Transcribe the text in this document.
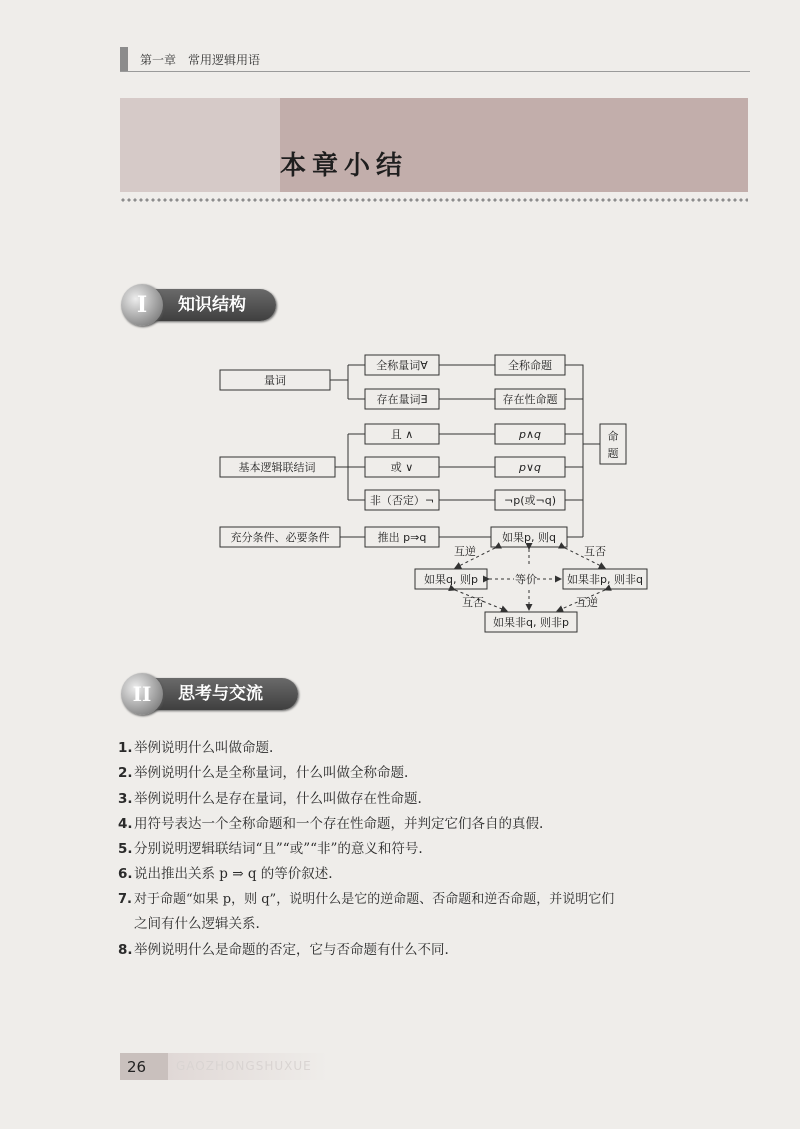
第一章　常用逻辑用语
本章小结
知识结构
I
量词
全称量词∀
存在量词∃
全称命题
存在性命题
基本逻辑联结词
且 ∧
或 ∨
非（否定）¬
p∧q
p∨q
¬p(或¬q)
命
题
充分条件、必要条件	推出 p⇒q	如果p, 则q
如果q, 则p	如果非p, 则非q
如果非q, 则非p
互逆	互否
等价
互否	互逆
思考与交流
II
1.举例说明什么叫做命题.
2.举例说明什么是全称量词，什么叫做全称命题.
3.举例说明什么是存在量词，什么叫做存在性命题.
4.用符号表达一个全称命题和一个存在性命题，并判定它们各自的真假.
5.分别说明逻辑联结词“且”“或”“非”的意义和符号.
6.说出推出关系 p ⇒ q 的等价叙述.
7. 对于命题“如果 p，则 q”，说明什么是它的逆命题、否命题和逆否命题，并说明它们
之间有什么逻辑关系.
8.举例说明什么是命题的否定，它与否命题有什么不同.
26 GAOZHONGSHUXUE
